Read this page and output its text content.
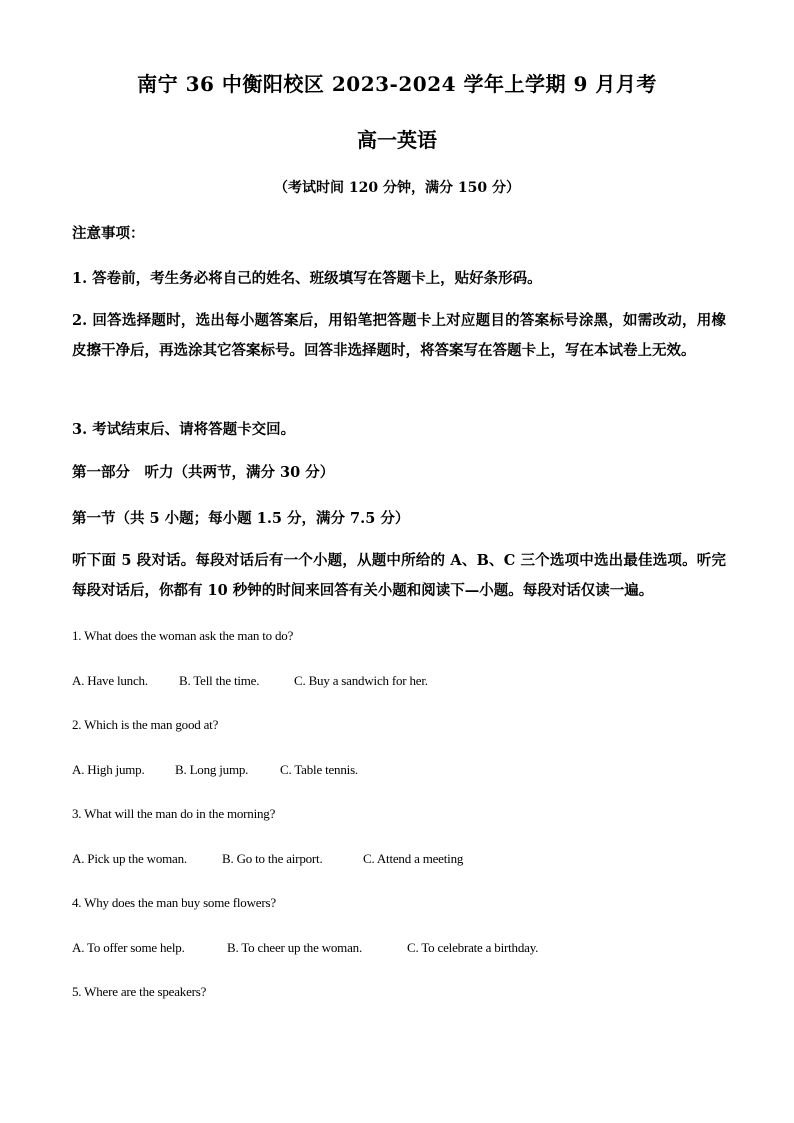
南宁 36 中衡阳校区 2023-2024 学年上学期 9 月月考
高一英语
（考试时间 120 分钟，满分 150 分）
注意事项：
1. 答卷前，考生务必将自己的姓名、班级填写在答题卡上，贴好条形码。
2. 回答选择题时，选出每小题答案后，用铅笔把答题卡上对应题目的答案标号涂黑，如需改动，用橡皮擦干净后，再选涂其它答案标号。回答非选择题时，将答案写在答题卡上，写在本试卷上无效。
3. 考试结束后、请将答题卡交回。
第一部分　听力（共两节，满分 30 分）
第一节（共 5 小题；每小题 1.5 分，满分 7.5 分）
听下面 5 段对话。每段对话后有一个小题，从题中所给的 A、B、C 三个选项中选出最佳选项。听完每段对话后，你都有 10 秒钟的时间来回答有关小题和阅读下—小题。每段对话仅读一遍。
1. What does the woman ask the man to do?
A. Have lunch. B. Tell the time.	C. Buy a sandwich for her.
2. Which is the man good at?
A. High jump. B. Long jump. C. Table tennis.
3. What will the man do in the morning?
A. Pick up the woman.	B. Go to the airport.	C. Attend a meeting
4. Why does the man buy some flowers?
A. To offer some help.	B. To cheer up the woman.	C. To celebrate a birthday.
5. Where are the speakers?
